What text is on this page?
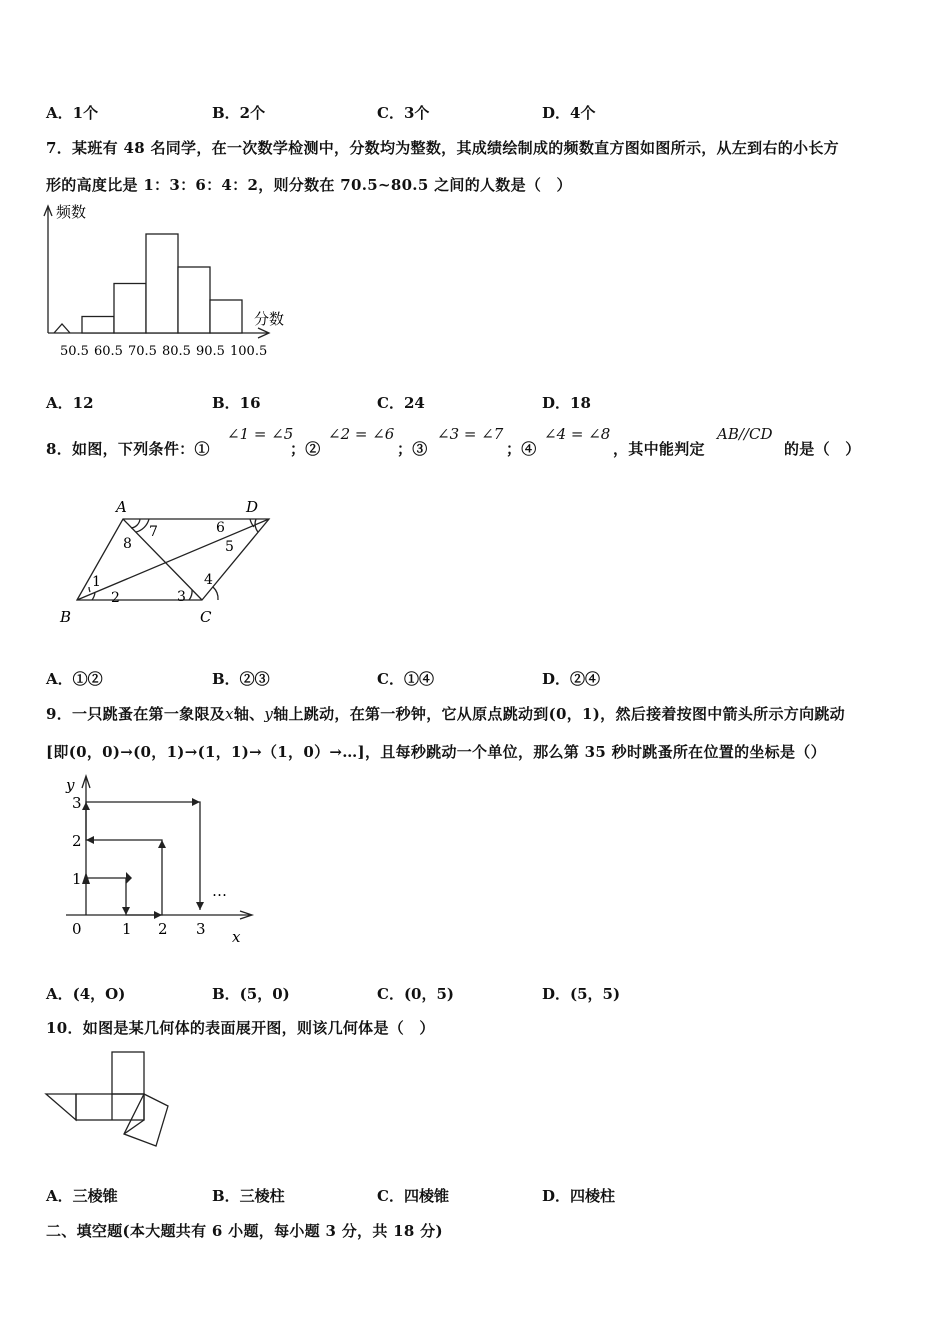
A．1个	B．2个	C．3个	D．4个
7．某班有 48 名同学，在一次数学检测中，分数均为整数，其成绩绘制成的频数直方图如图所示，从左到右的小长方
形的高度比是 1：3：6：4：2，则分数在 70.5~80.5 之间的人数是（　）
频数
分数
50.5 60.5 70.5 80.5 90.5 100.5
A．12	B．16	C．24	D．18
8．如图，下列条件：①
∠1 = ∠5
；②
∠2 = ∠6
；③
∠3 = ∠7
；④
∠4 = ∠8
，其中能判定
AB//CD
的是（　）
A	D
B	C
1
2	3
4
5
6
7
8
A．①②	B．②③	C．①④	D．②④
9．一只跳蚤在第一象限及x轴、y轴上跳动，在第一秒钟，它从原点跳动到(0，1)，然后接着按图中箭头所示方向跳动
[即(0，0)→(0，1)→(1，1)→（1，0）→…]，且每秒跳动一个单位，那么第 35 秒时跳蚤所在位置的坐标是（）
y
x
0	1 2 3
1
2
3
…
A．(4，O)	B．(5，0)	C．(0，5)	D．(5，5)
10．如图是某几何体的表面展开图，则该几何体是（　）
A．三棱锥	B．三棱柱	C．四棱锥	D．四棱柱
二、填空题(本大题共有 6 小题，每小题 3 分，共 18 分)
